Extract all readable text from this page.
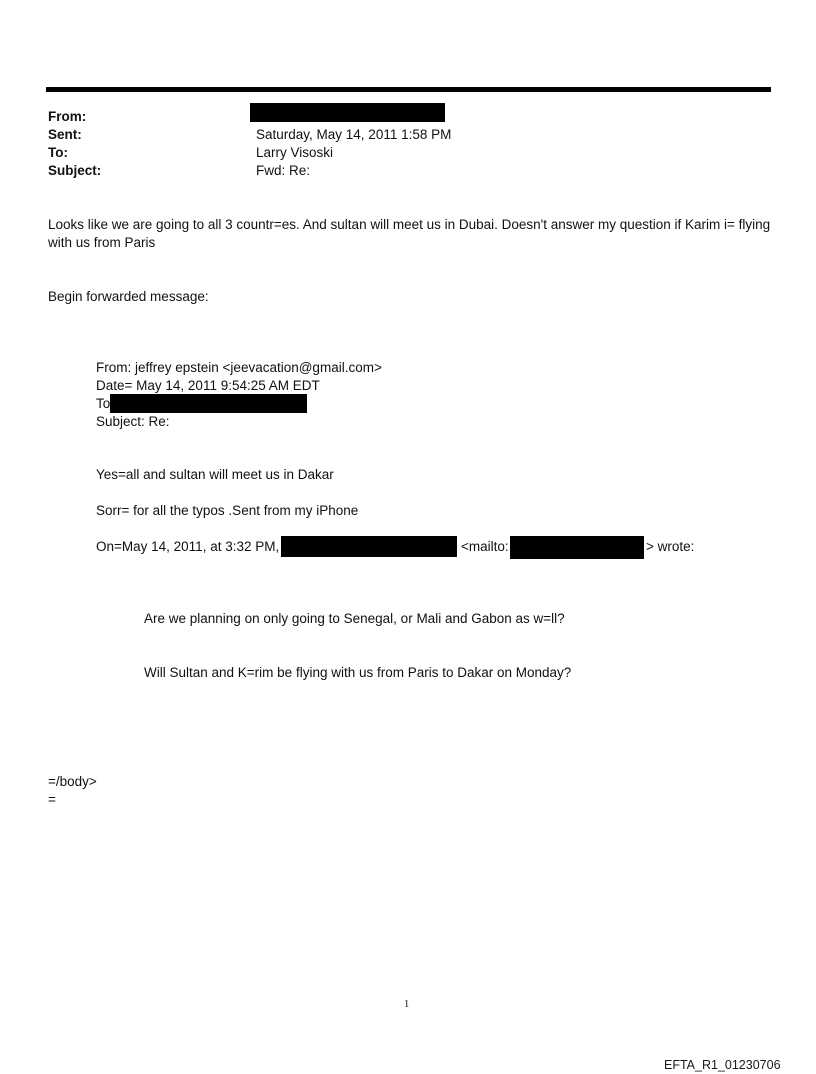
From:
Sent:	Saturday, May 14, 2011 1:58 PM
To:	Larry Visoski
Subject:	Fwd: Re:
Looks like we are going to all 3 countr=es. And sultan will meet us in Dubai. Doesn't answer my question if Karim i= flying
with us from Paris
Begin forwarded message:
From: jeffrey epstein <jeevacation@gmail.com>
Date= May 14, 2011 9:54:25 AM EDT
To
Subject: Re:
Yes=all and sultan will meet us in Dakar
Sorr= for all the typos .Sent from my iPhone
On=May 14, 2011, at 3:32 PM,	<mailto:	> wrote:
Are we planning on only going to Senegal, or Mali and Gabon as w=ll?
Will Sultan and K=rim be flying with us from Paris to Dakar on Monday?
=/body>
=
1
EFTA_R1_01230706
